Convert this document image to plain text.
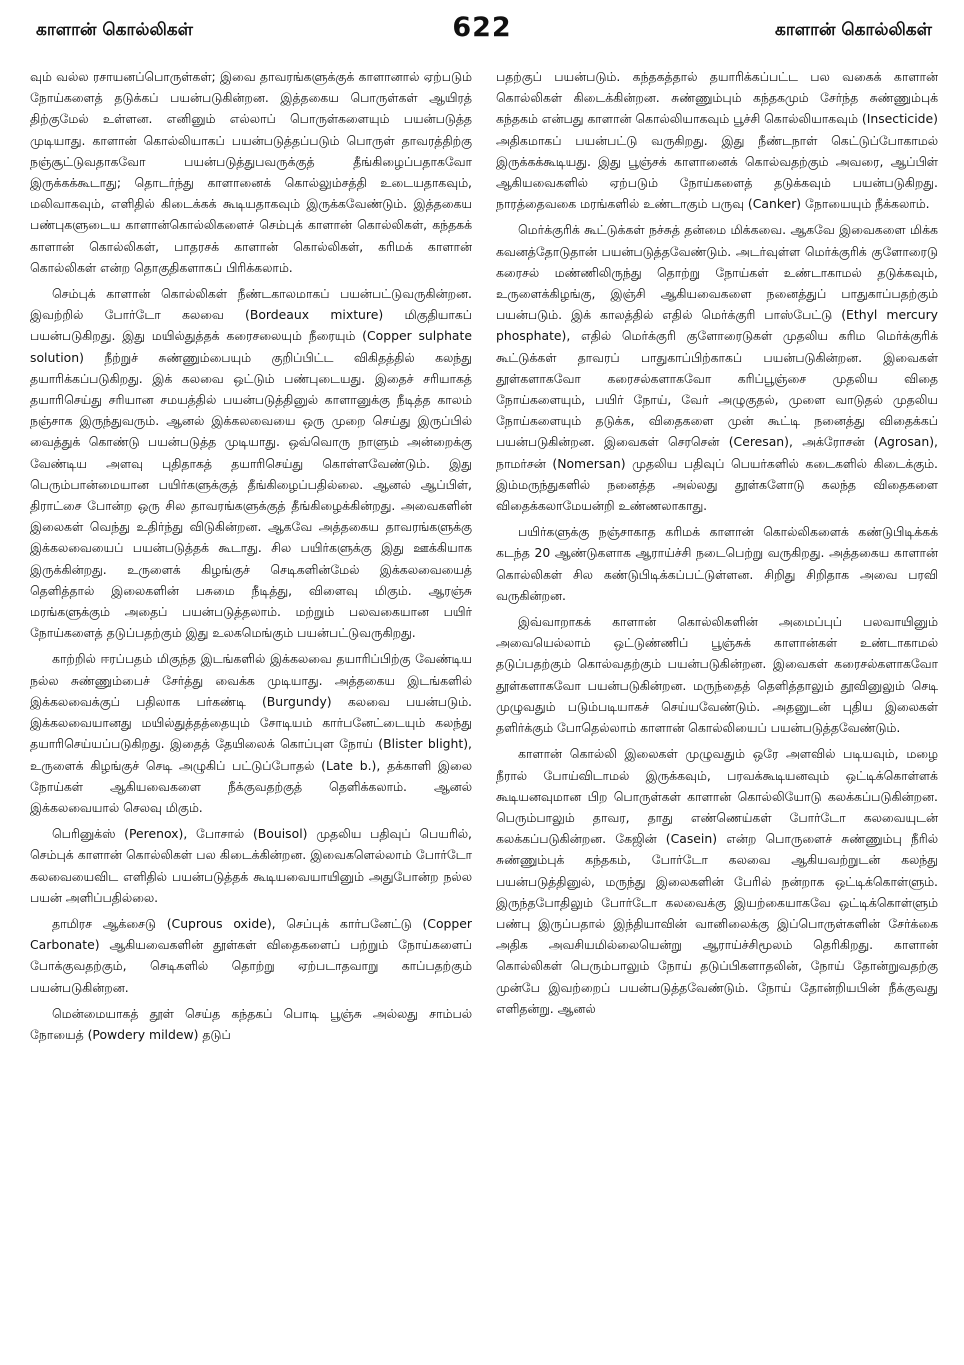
காளான் கொல்லிகள்	622	காளான் கொல்லிகள்

வும் வல்ல ரசாயனப்பொருள்கள்; இவை தாவரங்களுக்குக் காளானால் ஏற்படும் நோய்களைத் தடுக்கப் பயன்படுகின்றன. இத்தகைய பொருள்கள் ஆயிரத் திற்குமேல் உள்ளன. எனினும் எல்லாப் பொருள்களையும் பயன்படுத்த முடியாது. காளான் கொல்லியாகப் பயன்படுத்தப்படும் பொருள் தாவரத்திற்கு நஞ்சூட்டுவதாகவோ பயன்படுத்துபவருக்குத் தீங்கிழைப்பதாகவோ இருக்கக்கூடாது; தொடர்ந்து காளானைக் கொல்லும்சத்தி உடையதாகவும், மலிவாகவும், எளிதில் கிடைக்கக் கூடியதாகவும் இருக்கவேண்டும். இத்தகைய பண்புகளுடைய காளான்கொல்லிகளைச் செம்புக் காளான் கொல்லிகள், கந்தகக் காளான் கொல்லிகள், பாதரசக் காளான் கொல்லிகள், கரிமக் காளான் கொல்லிகள் என்ற தொகுதிகளாகப் பிரிக்கலாம்.

செம்புக் காளான் கொல்லிகள் நீண்டகாலமாகப் பயன்பட்டுவருகின்றன. இவற்றில் போர்டோ கலவை (Bordeaux mixture) மிகுதியாகப் பயன்படுகிறது. இது மயில்துத்தக் கரைசலையும் நீரையும் (Copper sulphate solution) நீற்றுச் சுண்ணும்பையும் குறிப்பிட்ட விகிதத்தில் கலந்து தயாரிக்கப்படுகிறது. இக் கலவை ஒட்டும் பண்புடையது. இதைச் சரியாகத் தயாரிசெய்து சரியான சமயத்தில் பயன்படுத்தினுல் காளானுக்கு நீடித்த காலம் நஞ்சாக இருந்துவரும். ஆனல் இக்கலவையை ஒரு முறை செய்து இருப்பில் வைத்துக் கொண்டு பயன்படுத்த முடியாது. ஒவ்வொரு நாளும் அன்றைக்கு வேண்டிய அளவு புதிதாகத் தயாரிசெய்து கொள்ளவேண்டும். இது பெரும்பான்மையான பயிர்களுக்குத் தீங்கிழைப்பதில்லை. ஆனல் ஆப்பிள், திராட்சை போன்ற ஒரு சில தாவரங்களுக்குத் தீங்கிழைக்கின்றது. அவைகளின் இலைகள் வெந்து உதிர்ந்து விடுகின்றன. ஆகவே அத்தகைய தாவரங்களுக்கு இக்கலவையைப் பயன்படுத்தக் கூடாது. சில பயிர்களுக்கு இது ஊக்கியாக இருக்கின்றது. உருளைக் கிழங்குச் செடிகளின்மேல் இக்கலவையைத் தெளித்தால் இலைகளின் பசுமை நீடித்து, விளைவு மிகும். ஆரஞ்சு மரங்களுக்கும் அதைப் பயன்படுத்தலாம். மற்றும் பலவகையான பயிர் நோய்களைத் தடுப்பதற்கும் இது உலகமெங்கும் பயன்பட்டுவருகிறது.

காற்றில் ஈரப்பதம் மிகுந்த இடங்களில் இக்கலவை தயாரிப்பிற்கு வேண்டிய நல்ல சுண்ணும்பைச் சேர்த்து வைக்க முடியாது. அத்தகைய இடங்களில் இக்கலவைக்குப் பதிலாக பர்கண்டி (Burgundy) கலவை பயன்படும். இக்கலவையானது மயில்துத்தத்தையும் சோடியம் கார்பனேட்டையும் கலந்து தயாரிசெய்யப்படுகிறது. இதைத் தேயிலைக் கொப்புள நோய் (Blister blight), உருளைக் கிழங்குச் செடி அழுகிப் பட்டுப்போதல் (Late b.), தக்காளி இலை நோய்கள் ஆகியவைகளை நீக்குவதற்குத் தெளிக்கலாம். ஆனல் இக்கலவையால் செலவு மிகும்.

பெரினுக்ஸ் (Perenox), போசால் (Bouisol) முதலிய பதிவுப் பெயரில், செம்புக் காளான் கொல்லிகள் பல கிடைக்கின்றன. இவைகளெல்லாம் போர்டோ கலவையைவிட எளிதில் பயன்படுத்தக் கூடியவையாயினும் அதுபோன்ற நல்ல பயன் அளிப்பதில்லை.

தாமிரச ஆக்சைடு (Cuprous oxide), செப்புக் கார்பனேட்டு (Copper Carbonate) ஆகியவைகளின் தூள்கள் விதைகளைப் பற்றும் நோய்களைப் போக்குவதற்கும், செடிகளில் தொற்று ஏற்படாதவாறு காப்பதற்கும் பயன்படுகின்றன.

மென்மையாகத் தூள் செய்த கந்தகப் பொடி பூஞ்சு அல்லது சாம்பல் நோயைத் (Powdery mildew) தடுப்

பதற்குப் பயன்படும். கந்தகத்தால் தயாரிக்கப்பட்ட பல வகைக் காளான் கொல்லிகள் கிடைக்கின்றன. சுண்ணும்பும் கந்தகமும் சேர்ந்த சுண்ணும்புக் கந்தகம் என்பது காளான் கொல்லியாகவும் பூச்சி கொல்லியாகவும் (Insecticide) அதிகமாகப் பயன்பட்டு வருகிறது. இது நீண்டநாள் கெட்டுப்போகாமல் இருக்கக்கூடியது. இது பூஞ்சக் காளானைக் கொல்வதற்கும் அவரை, ஆப்பிள் ஆகியவைகளில் ஏற்படும் நோய்களைத் தடுக்கவும் பயன்படுகிறது. நாரத்தைவகை மரங்களில் உண்டாகும் பருவு (Canker) நோயையும் நீக்கலாம்.

மெர்க்குரிக் கூட்டுக்கள் நச்சுத் தன்மை மிக்கவை. ஆகவே இவைகளை மிக்க கவனத்தோடுதான் பயன்படுத்தவேண்டும். அடர்வுள்ள மெர்க்குரிக் குளோரைடு கரைசல் மண்ணிலிருந்து தொற்று நோய்கள் உண்டாகாமல் தடுக்கவும், உருளைக்கிழங்கு, இஞ்சி ஆகியவைகளை நனைத்துப் பாதுகாப்பதற்கும் பயன்படும். இக் காலத்தில் எதில் மெர்க்குரி பாஸ்பேட்டு (Ethyl mercury phosphate), எதில் மெர்க்குரி குளோரைடுகள் முதலிய கரிம மெர்க்குரிக் கூட்டுக்கள் தாவரப் பாதுகாப்பிற்காகப் பயன்படுகின்றன. இவைகள் தூள்களாகவோ கரைசல்களாகவோ கரிப்பூஞ்சை முதலிய விதை நோய்களையும், பயிர் நோய், வேர் அழுகுதல், முளை வாடுதல் முதலிய நோய்களையும் தடுக்க, விதைகளை முன் கூட்டி நனைத்து விதைக்கப் பயன்படுகின்றன. இவைகள் செரசென் (Ceresan), அக்ரோசன் (Agrosan), நாமர்சன் (Nomersan) முதலிய பதிவுப் பெயர்களில் கடைகளில் கிடைக்கும். இம்மருந்துகளில் நனைத்த அல்லது தூள்களோடு கலந்த விதைகளை விதைக்கலாமேயன்றி உண்ணலாகாது.

பயிர்களுக்கு நஞ்சாகாத கரிமக் காளான் கொல்லிகளைக் கண்டுபிடிக்கக் கடந்த 20 ஆண்டுகளாக ஆராய்ச்சி நடைபெற்று வருகிறது. அத்தகைய காளான் கொல்லிகள் சில கண்டுபிடிக்கப்பட்டுள்ளன. சிறிது சிறிதாக அவை பரவி வருகின்றன.

இவ்வாறாகக் காளான் கொல்லிகளின் அமைப்புப் பலவாயினும் அவையெல்லாம் ஒட்டுண்ணிப் பூஞ்சுக் காளான்கள் உண்டாகாமல் தடுப்பதற்கும் கொல்வதற்கும் பயன்படுகின்றன. இவைகள் கரைசல்களாகவோ தூள்களாகவோ பயன்படுகின்றன. மருந்தைத் தெளித்தாலும் தூவினுலும் செடி முழுவதும் படும்படியாகச் செய்யவேண்டும். அதனுடன் புதிய இலைகள் தளிர்க்கும் போதெல்லாம் காளான் கொல்லியைப் பயன்படுத்தவேண்டும்.

காளான் கொல்லி இலைகள் முழுவதும் ஒரே அளவில் படியவும், மழை நீரால் போய்விடாமல் இருக்கவும், பரவக்கூடியனவும் ஒட்டிக்கொள்ளக் கூடியனவுமான பிற பொருள்கள் காளான் கொல்லியோடு கலக்கப்படுகின்றன. பெரும்பாலும் தாவர, தாது எண்ணெய்கள் போர்டோ கலவையுடன் கலக்கப்படுகின்றன. கேஜின் (Casein) என்ற பொருளைச் சுண்ணும்பு நீரில் சுண்ணும்புக் கந்தகம், போர்டோ கலவை ஆகியவற்றுடன் கலந்து பயன்படுத்தினுல், மருந்து இலைகளின் பேரில் நன்றாக ஒட்டிக்கொள்ளும். இருந்தபோதிலும் போர்டோ கலவைக்கு இயற்கையாகவே ஒட்டிக்கொள்ளும் பண்பு இருப்பதால் இந்தியாவின் வானிலைக்கு இப்பொருள்களின் சேர்க்கை அதிக அவசியமில்லையென்று ஆராய்ச்சிமூலம் தெரிகிறது. காளான் கொல்லிகள் பெரும்பாலும் நோய் தடுப்பிகளாதலின், நோய் தோன்றுவதற்கு முன்பே இவற்றைப் பயன்படுத்தவேண்டும். நோய் தோன்றியபின் நீக்குவது எளிதன்று. ஆனல்
